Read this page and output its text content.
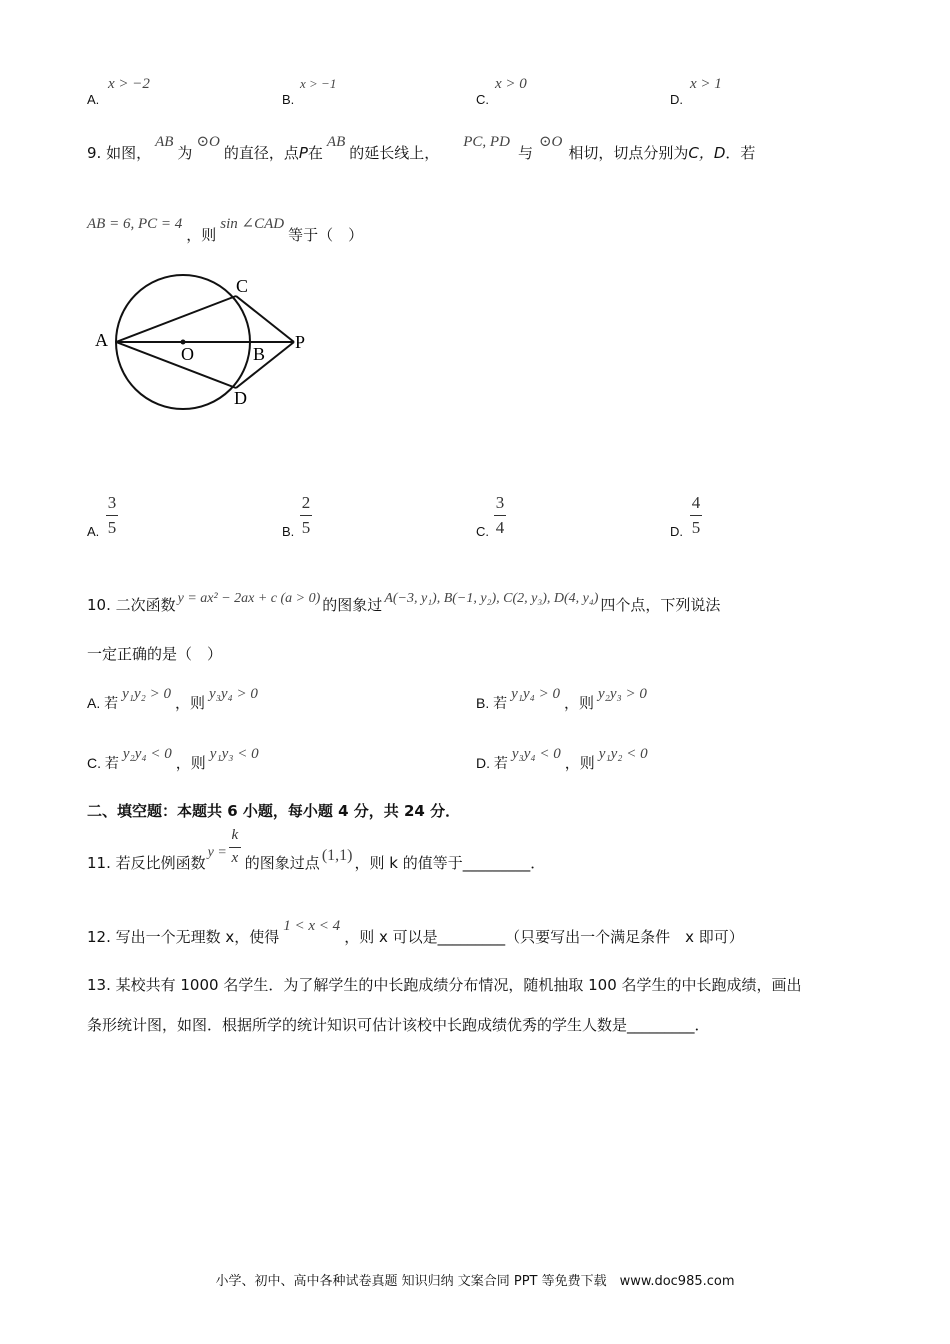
A.
x > −2
B.
x > −1
C.
x > 0
D.
x > 1
9. 如图，AB为⊙O的直径，点P在AB的延长线上，PC, PD与⊙O相切，切点分别为C，D．若
AB = 6, PC = 4，则sin ∠CAD等于（　）
A
O	B
P
C
D
A.
3
5	B.
2
5	C.
3
4	D.
4
5
10. 二次函数 y = ax² − 2ax + c (a > 0) 的图象过 A(−3, y₁), B(−1, y₂), C(2, y₃), D(4, y₄) 四个点，下列说法
一定正确的是（　）
A. 若y₁y₂ > 0 ，则 y₃y₄ > 0
B. 若y₁y₄ > 0 ，则 y₂y₃ > 0
C. 若y₂y₄ < 0 ，则 y₁y₃ < 0
D. 若y₃y₄ < 0 ，则 y₁y₂ < 0
二、填空题：本题共 6 小题，每小题 4 分，共 24 分．
11. 若反比例函数$y = \frac{k}{x}$ 的图象过点 (1,1) ，则 k 的值等于_________．
12. 写出一个无理数 x，使得1 < x < 4，则 x 可以是_________（只要写出一个满足条件　x 即可）
13. 某校共有 1000 名学生．为了解学生的中长跑成绩分布情况，随机抽取 100 名学生的中长跑成绩，画出
条形统计图，如图．根据所学的统计知识可估计该校中长跑成绩优秀的学生人数是_________．
小学、初中、高中各种试卷真题 知识归纳 文案合同 PPT 等免费下载　www.doc985.com
